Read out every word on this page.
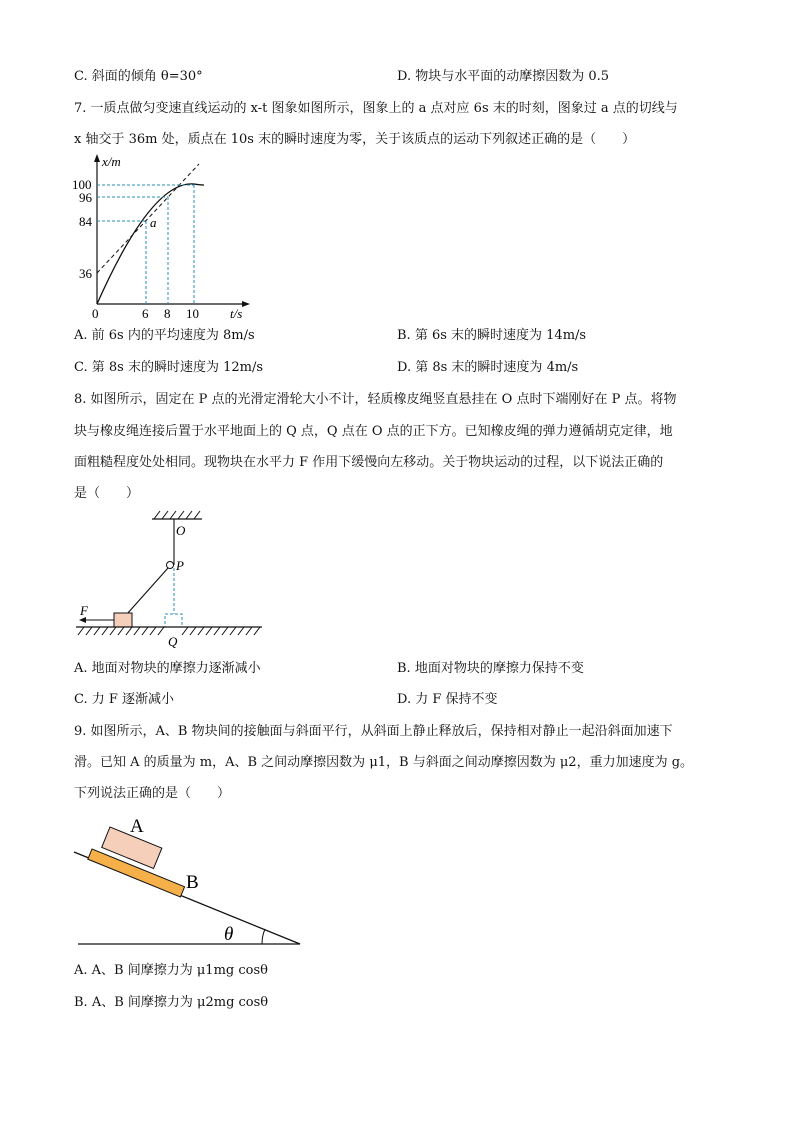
C. 斜面的倾角 θ=30°	D. 物块与水平面的动摩擦因数为 0.5
7. 一质点做匀变速直线运动的 x-t 图象如图所示，图象上的 a 点对应 6s 末的时刻，图象过 a 点的切线与
x 轴交于 36m 处，质点在 10s 末的瞬时速度为零，关于该质点的运动下列叙述正确的是（　　）
x/m
t/s
0
100
96
84
36
6 8 10
a
A. 前 6s 内的平均速度为 8m/s	B. 第 6s 末的瞬时速度为 14m/s
C. 第 8s 末的瞬时速度为 12m/s	D. 第 8s 末的瞬时速度为 4m/s
8. 如图所示，固定在 P 点的光滑定滑轮大小不计，轻质橡皮绳竖直悬挂在 O 点时下端刚好在 P 点。将物
块与橡皮绳连接后置于水平地面上的 Q 点，Q 点在 O 点的正下方。已知橡皮绳的弹力遵循胡克定律，地
面粗糙程度处处相同。现物块在水平力 F 作用下缓慢向左移动。关于物块运动的过程，以下说法正确的
是（　　）
O
P
Q
F
A. 地面对物块的摩擦力逐渐减小	B. 地面对物块的摩擦力保持不变
C. 力 F 逐渐减小	D. 力 F 保持不变
9. 如图所示，A、B 物块间的接触面与斜面平行，从斜面上静止释放后，保持相对静止一起沿斜面加速下
滑。已知 A 的质量为 m，A、B 之间动摩擦因数为 μ1，B 与斜面之间动摩擦因数为 μ2，重力加速度为 g。
下列说法正确的是（　　）
A
B
θ
A. A、B 间摩擦力为 μ1mg cosθ
B. A、B 间摩擦力为 μ2mg cosθ
